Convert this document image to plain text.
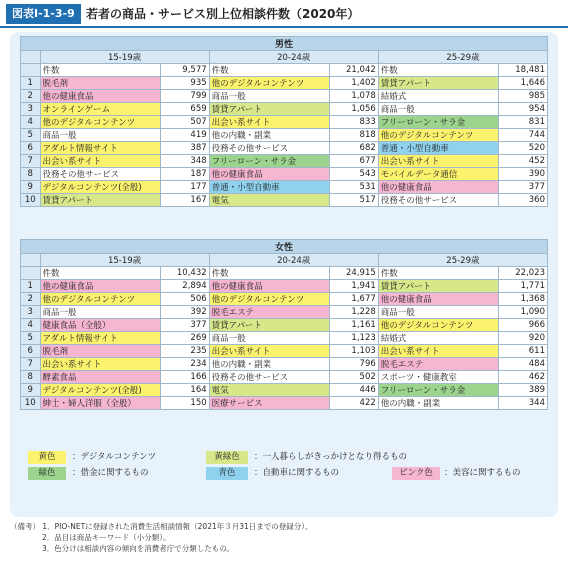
図表Ⅰ-1-3-9 若者の商品・サービス別上位相談件数（2020年）
男性						
	15-19歳		20-24歳		25-29歳	
	件数	9,577	件数	21,042	件数	18,481
1	脱毛剤	935	他のデジタルコンテンツ	1,402	賃貸アパート	1,646
2	他の健康食品	799	商品一般	1,078	結婚式	985
3	オンラインゲーム	659	賃貸アパート	1,056	商品一般	954
4	他のデジタルコンテンツ	507	出会い系サイト	833	フリーローン・サラ金	831
5	商品一般	419	他の内職・副業	818	他のデジタルコンテンツ	744
6	アダルト情報サイト	387	役務その他サービス	682	普通・小型自動車	520
7	出会い系サイト	348	フリーローン・サラ金	677	出会い系サイト	452
8	役務その他サービス	187	他の健康食品	543	モバイルデータ通信	390
9	デジタルコンテンツ(全般)	177	普通・小型自動車	531	他の健康食品	377
10	賃貸アパート	167	電気	517	役務その他サービス	360
女性						
	15-19歳		20-24歳		25-29歳	
	件数	10,432	件数	24,915	件数	22,023
1	他の健康食品	2,894	他の健康食品	1,941	賃貸アパート	1,771
2	他のデジタルコンテンツ	506	他のデジタルコンテンツ	1,677	他の健康食品	1,368
3	商品一般	392	脱毛エステ	1,228	商品一般	1,090
4	健康食品（全般）	377	賃貸アパート	1,161	他のデジタルコンテンツ	966
5	アダルト情報サイト	269	商品一般	1,123	結婚式	920
6	脱毛剤	235	出会い系サイト	1,103	出会い系サイト	611
7	出会い系サイト	234	他の内職・副業	796	脱毛エステ	484
8	酵素食品	166	役務その他サービス	502	スポーツ・健康教室	462
9	デジタルコンテンツ(全般)	164	電気	446	フリーローン・サラ金	389
10	紳士・婦人洋服（全般）	150	医療サービス	422	他の内職・副業	344
黄色	：デジタルコンテンツ	黄緑色	：一人暮らしがきっかけとなり得るもの
緑色	：借金に関するもの	青色	：自動車に関するもの	ピンク色	：美容に関するもの
（備考） 1．PIO-NETに登録された消費生活相談情報（2021年３月31日までの登録分）。
2．品目は商品キーワード（小分類）。
3．色分けは相談内容の傾向を消費者庁で分類したもの。
